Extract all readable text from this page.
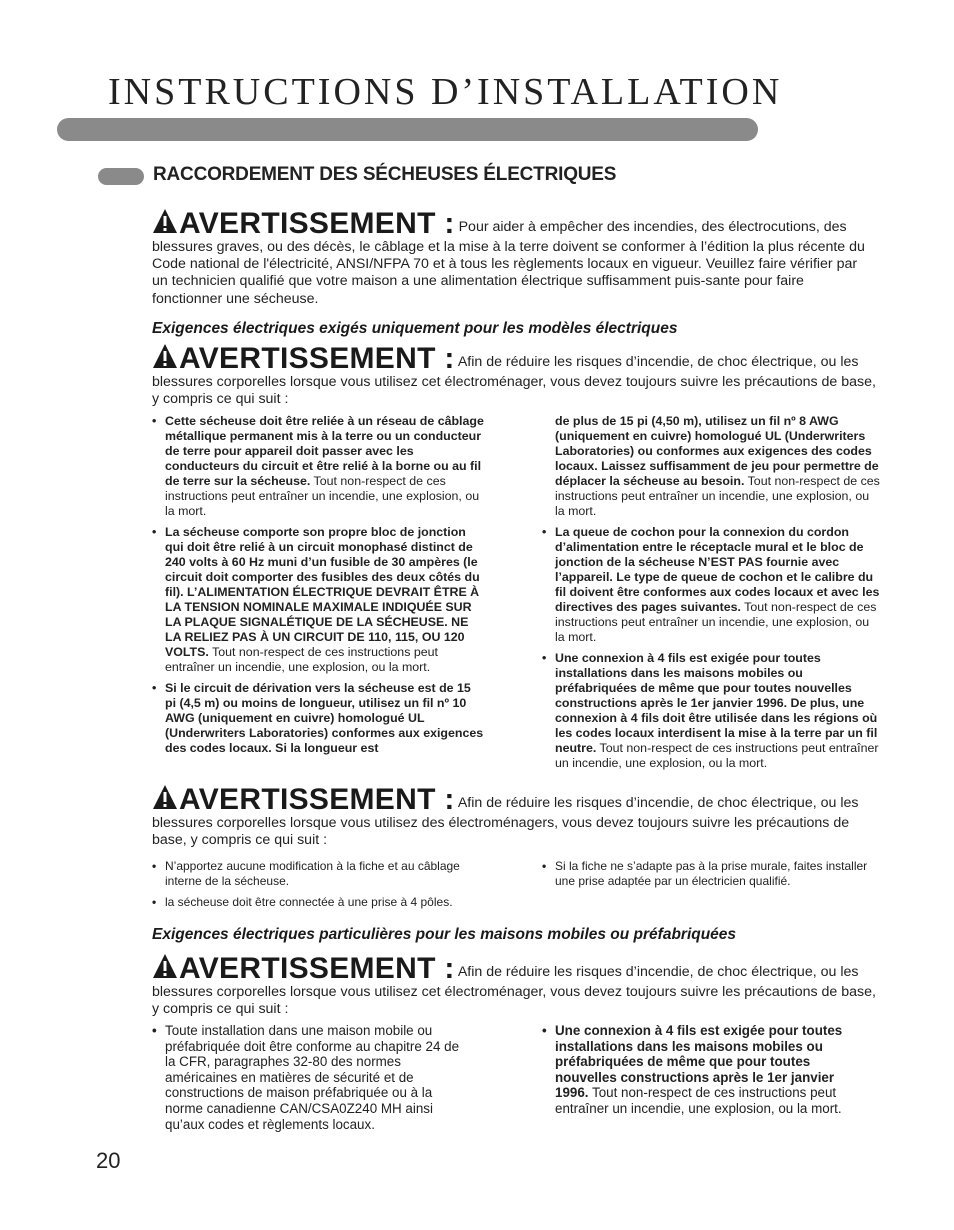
INSTRUCTIONS D’INSTALLATION
RACCORDEMENT DES SÉCHEUSES ÉLECTRIQUES
AVERTISSEMENT : Pour aider à empêcher des incendies, des électrocutions, des blessures graves, ou des décès, le câblage et la mise à la terre doivent se conformer à l’édition la plus récente du Code national de l'électricité, ANSI/NFPA 70 et à tous les règlements locaux en vigueur. Veuillez faire vérifier par un technicien qualifié que votre maison a une alimentation électrique suffisamment puis-sante pour faire fonctionner une sécheuse.
Exigences électriques exigés uniquement pour les modèles électriques
AVERTISSEMENT : Afin de réduire les risques d’incendie, de choc électrique, ou les blessures corporelles lorsque vous utilisez cet électroménager, vous devez toujours suivre les précautions de base, y compris ce qui suit :
• Cette sécheuse doit être reliée à un réseau de câblage métallique permanent mis à la terre ou un conducteur de terre pour appareil doit passer avec les conducteurs du circuit et être relié à la borne ou au fil de terre sur la sécheuse. Tout non-respect de ces instructions peut entraîner un incendie, une explosion, ou la mort.
• La sécheuse comporte son propre bloc de jonction qui doit être relié à un circuit monophasé distinct de 240 volts à 60 Hz muni d’un fusible de 30 ampères (le circuit doit comporter des fusibles des deux côtés du fil). L’ALIMENTATION ÉLECTRIQUE DEVRAIT ÊTRE À LA TENSION NOMINALE MAXIMALE INDIQUÉE SUR LA PLAQUE SIGNALÉTIQUE DE LA SÉCHEUSE. NE LA RELIEZ PAS À UN CIRCUIT DE 110, 115, OU 120 VOLTS. Tout non-respect de ces instructions peut entraîner un incendie, une explosion, ou la mort.
• Si le circuit de dérivation vers la sécheuse est de 15 pi (4,5 m) ou moins de longueur, utilisez un fil nº 10 AWG (uniquement en cuivre) homologué UL (Underwriters Laboratories) conformes aux exigences des codes locaux. Si la longueur est
de plus de 15 pi (4,50 m), utilisez un fil nº 8 AWG (uniquement en cuivre) homologué UL (Underwriters Laboratories) ou conformes aux exigences des codes locaux. Laissez suffisamment de jeu pour permettre de déplacer la sécheuse au besoin. Tout non-respect de ces instructions peut entraîner un incendie, une explosion, ou la mort.
• La queue de cochon pour la connexion du cordon d’alimentation entre le réceptacle mural et le bloc de jonction de la sécheuse N’EST PAS fournie avec l’appareil. Le type de queue de cochon et le calibre du fil doivent être conformes aux codes locaux et avec les directives des pages suivantes. Tout non-respect de ces instructions peut entraîner un incendie, une explosion, ou la mort.
• Une connexion à 4 fils est exigée pour toutes installations dans les maisons mobiles ou préfabriquées de même que pour toutes nouvelles constructions après le 1er janvier 1996. De plus, une connexion à 4 fils doit être utilisée dans les régions où les codes locaux interdisent la mise à la terre par un fil neutre. Tout non-respect de ces instructions peut entraîner un incendie, une explosion, ou la mort.
AVERTISSEMENT : Afin de réduire les risques d’incendie, de choc électrique, ou les blessures corporelles lorsque vous utilisez des électroménagers, vous devez toujours suivre les précautions de base, y compris ce qui suit :
• N’apportez aucune modification à la fiche et au câblage interne de la sécheuse.
• la sécheuse doit être connectée à une prise à 4 pôles.
• Si la fiche ne s’adapte pas à la prise murale, faites installer une prise adaptée par un électricien qualifié.
Exigences électriques particulières pour les maisons mobiles ou préfabriquées
AVERTISSEMENT : Afin de réduire les risques d’incendie, de choc électrique, ou les blessures corporelles lorsque vous utilisez cet électroménager, vous devez toujours suivre les précautions de base, y compris ce qui suit :
• Toute installation dans une maison mobile ou préfabriquée doit être conforme au chapitre 24 de la CFR, paragraphes 32-80 des normes américaines en matières de sécurité et de constructions de maison préfabriquée ou à la norme canadienne CAN/CSA0Z240 MH ainsi qu’aux codes et règlements locaux.
• Une connexion à 4 fils est exigée pour toutes installations dans les maisons mobiles ou préfabriquées de même que pour toutes nouvelles constructions après le 1er janvier 1996. Tout non-respect de ces instructions peut entraîner un incendie, une explosion, ou la mort.
20
